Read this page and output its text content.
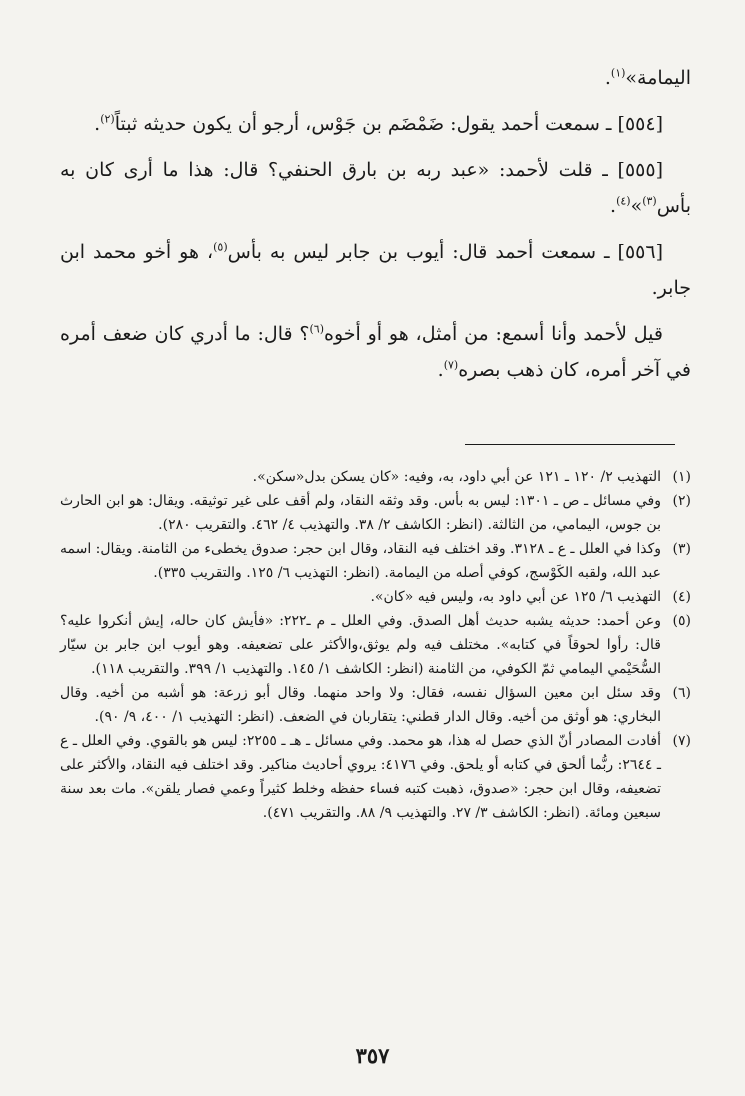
اليمامة»$^{(١)}$.

[٥٥٤] ـ سمعت أحمد يقول: ضَمْضَم بن جَوْس، أرجو أن يكون حديثه ثبتاً$^{(٢)}$.

[٥٥٥] ـ قلت لأحمد: «عبد ربه بن بارق الحنفي؟ قال: هذا ما أرى كان به بأس$^{(٣)}$»$^{(٤)}$.

[٥٥٦] ـ سمعت أحمد قال: أيوب بن جابر ليس به بأس$^{(٥)}$، هو أخو محمد ابن جابر.

قيل لأحمد وأنا أسمع: من أمثل، هو أو أخوه$^{(٦)}$؟ قال: ما أدري كان ضعف أمره في آخر أمره، كان ذهب بصره$^{(٧)}$.

(١)
التهذيب ٢/ ١٢٠ ـ ١٢١ عن أبي داود، به، وفيه: «كان يسكن بدل«سكن».
(٢)
وفي مسائل ـ ص ـ ١٣٠١: ليس به بأس. وقد وثقه النقاد، ولم أقف على غير توثيقه. ويقال: هو ابن الحارث بن جوس، اليمامي، من الثالثة. (انظر: الكاشف ٢/ ٣٨. والتهذيب ٤/ ٤٦٢. والتقريب ٢٨٠).
(٣)
وكذا في العلل ـ ع ـ ٣١٢٨. وقد اختلف فيه النقاد، وقال ابن حجر: صدوق يخطىء من الثامنة. ويقال: اسمه عبد الله، ولقبه الكَوْسج، كوفي أصله من اليمامة. (انظر: التهذيب ٦/ ١٢٥. والتقريب ٣٣٥).
(٤)
التهذيب ٦/ ١٢٥ عن أبي داود به، وليس فيه «كان».
(٥)
وعن أحمد: حديثه يشبه حديث أهل الصدق. وفي العلل ـ م ـ٢٢٢: «فأيش كان حاله، إيش أنكروا عليه؟ قال: رأوا لحوقاً في كتابه». مختلف فيه ولم يوثق،والأكثر على تضعيفه. وهو أيوب ابن جابر بن سيّار السُّحَيْمي اليمامي ثمّ الكوفي، من الثامنة (انظر: الكاشف ١/ ١٤٥. والتهذيب ١/ ٣٩٩. والتقريب ١١٨).
(٦)
وقد سئل ابن معين السؤال نفسه، فقال: ولا واحد منهما. وقال أبو زرعة: هو أشبه من أخيه. وقال البخاري: هو أوثق من أخيه. وقال الدار قطني: يتقاربان في الضعف. (انظر: التهذيب ١/ ٤٠٠، ٩/ ٩٠).
(٧)
أفادت المصادر أنّ الذي حصل له هذا، هو محمد. وفي مسائل ـ هـ ـ ٢٢٥٥: ليس هو بالقوي. وفي العلل ـ ع ـ ٢٦٤٤: ربُّما ألحق في كتابه أو يلحق. وفي ٤١٧٦: يروي أحاديث مناكير. وقد اختلف فيه النقاد، والأكثر على تضعيفه، وقال ابن حجر: «صدوق، ذهبت كتبه فساء حفظه وخلط كثيراً وعمي فصار يلقن». مات بعد سنة سبعين ومائة. (انظر: الكاشف ٣/ ٢٧. والتهذيب ٩/ ٨٨. والتقريب ٤٧١).
٣٥٧
